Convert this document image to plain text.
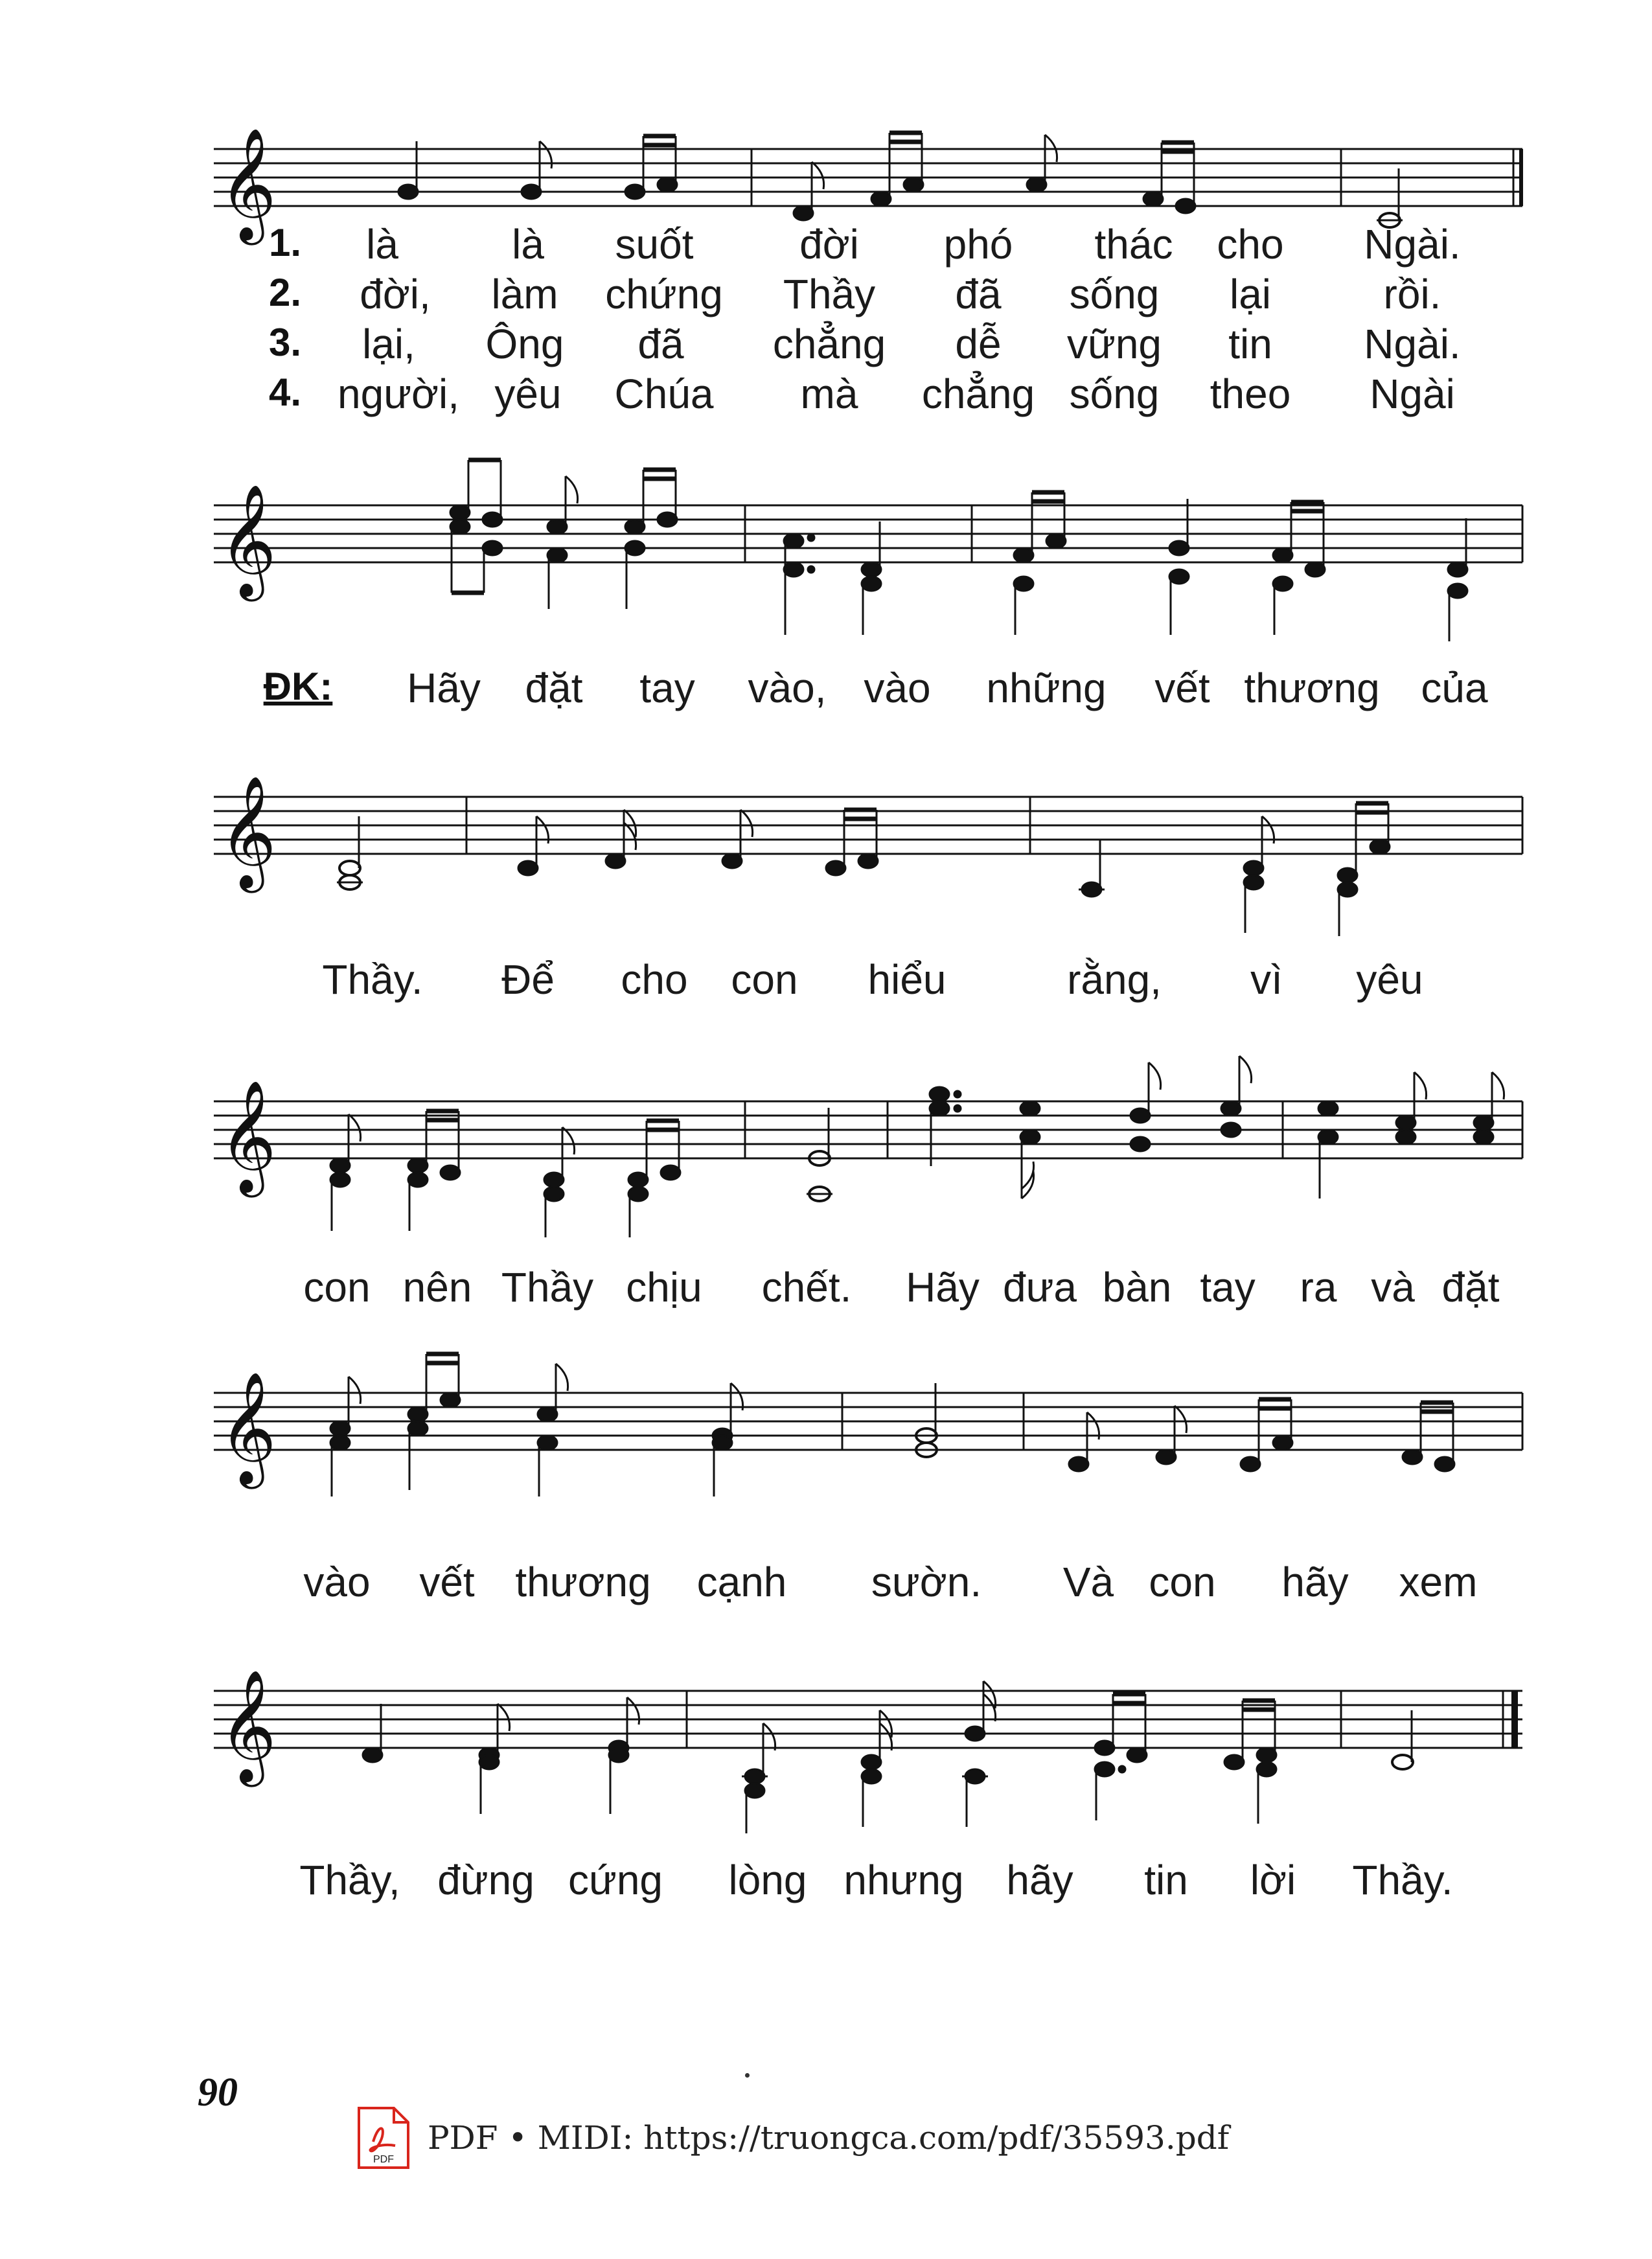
𝄞
1. là	là suốt	đời phó thác cho Ngài.
2. đời, làm chứng Thầy đã sống lại	rồi.
3. lại, Ông đã chẳng dễ vững tin Ngài.
4. người, yêu Chúa mà chẳng sống theo Ngài
𝄞
ĐK: Hãy đặt tay vào, vào những vết thương của
𝄞
Thầy. Để cho con hiểu	rằng, vì yêu
𝄞
con nên Thầy chịu chết. Hãy đưa bàn tay ra và đặt
𝄞
vào vết thương cạnh sườn. Và con hãy xem
𝄞
Thầy, đừng cứng lòng nhưng hãy tin lời Thầy.
90
PDF
PDF • MIDI: https://truongca.com/pdf/35593.pdf
